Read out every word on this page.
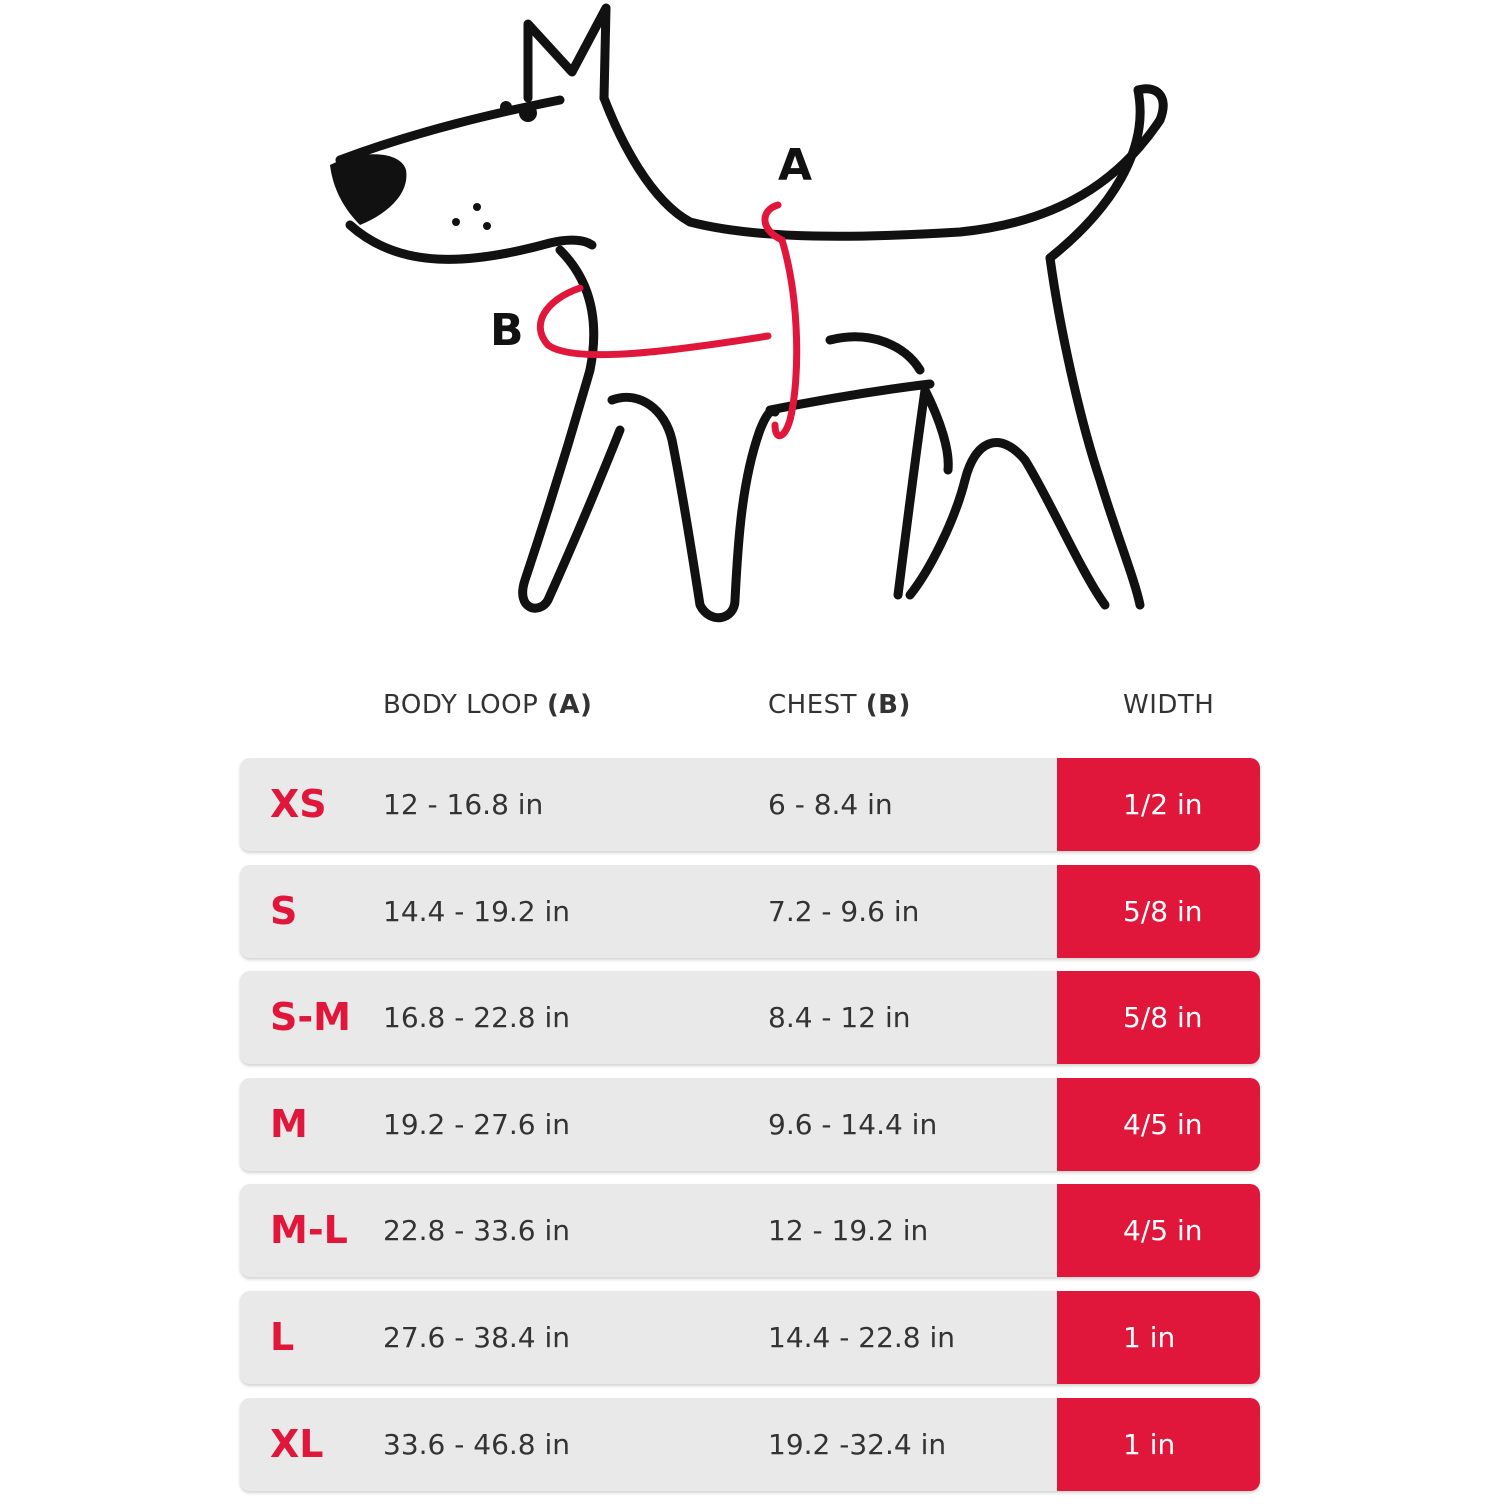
A
B
BODY LOOP (A)	CHEST (B)	WIDTH
XS 12 - 16.8 in	6 - 8.4 in	1/2 in
S	14.4 - 19.2 in	7.2 - 9.6 in	5/8 in
S-M 16.8 - 22.8 in	8.4 - 12 in	5/8 in
M	19.2 - 27.6 in	9.6 - 14.4 in	4/5 in
M-L 22.8 - 33.6 in	12 - 19.2 in	4/5 in
L	27.6 - 38.4 in	14.4 - 22.8 in	1 in
XL 33.6 - 46.8 in	19.2 -32.4 in	1 in
